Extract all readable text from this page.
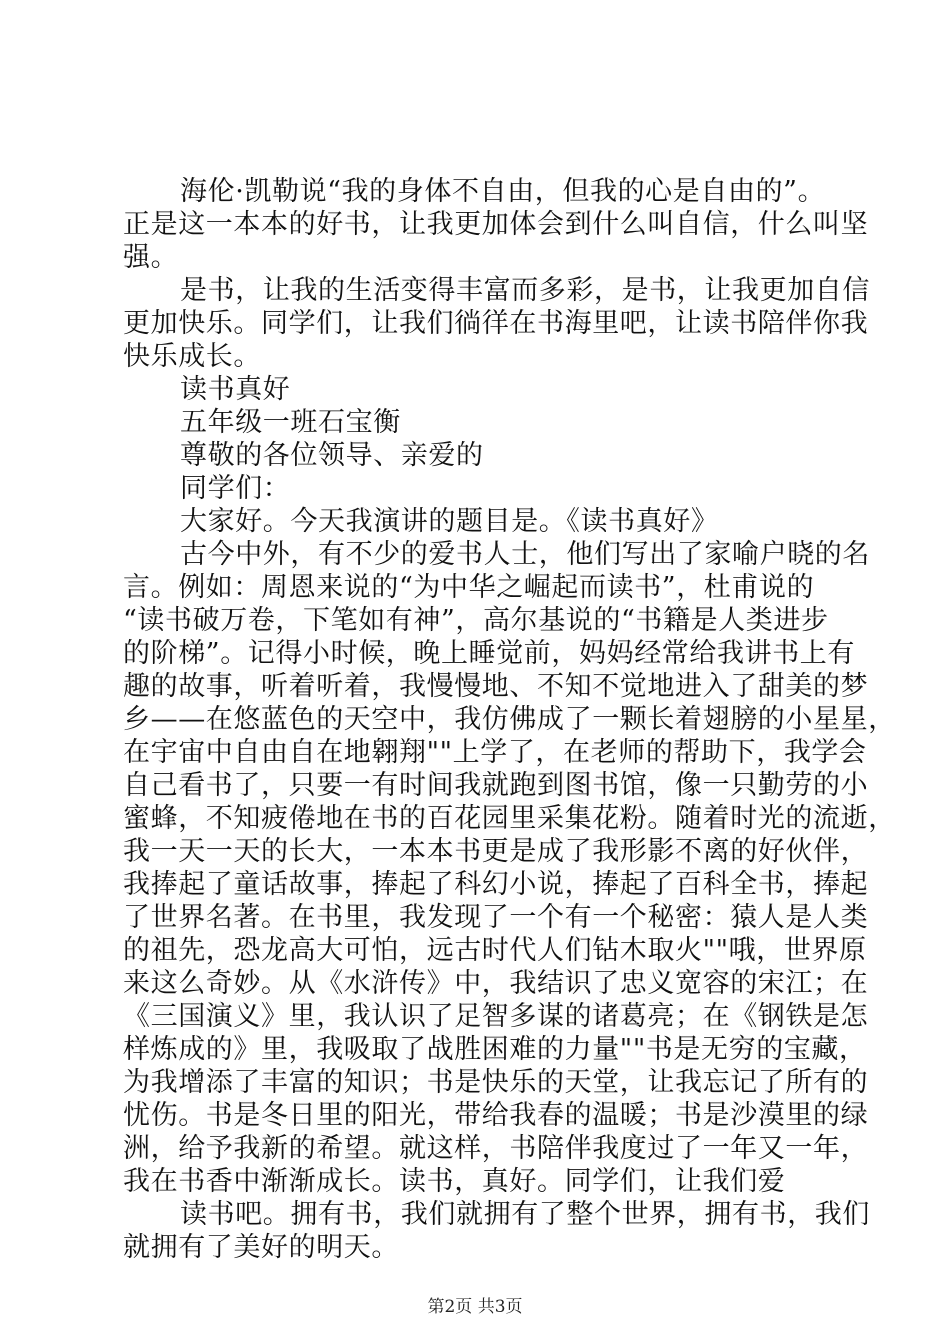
海伦·凯勒说“我的身体不自由，但我的心是自由的”。
正是这一本本的好书，让我更加体会到什么叫自信，什么叫坚
强。
是书，让我的生活变得丰富而多彩，是书，让我更加自信
更加快乐。同学们，让我们徜徉在书海里吧，让读书陪伴你我
快乐成长。
读书真好
五年级一班石宝衡
尊敬的各位领导、亲爱的
同学们：
大家好。今天我演讲的题目是。《读书真好》
古今中外，有不少的爱书人士，他们写出了家喻户晓的名
言。例如：周恩来说的“为中华之崛起而读书”，杜甫说的
“读书破万卷，下笔如有神”，高尔基说的“书籍是人类进步
的阶梯”。记得小时候，晚上睡觉前，妈妈经常给我讲书上有
趣的故事，听着听着，我慢慢地、不知不觉地进入了甜美的梦
乡——在悠蓝色的天空中，我仿佛成了一颗长着翅膀的小星星，
在宇宙中自由自在地翱翔""上学了，在老师的帮助下，我学会
自己看书了，只要一有时间我就跑到图书馆，像一只勤劳的小
蜜蜂，不知疲倦地在书的百花园里采集花粉。随着时光的流逝，
我一天一天的长大，一本本书更是成了我形影不离的好伙伴，
我捧起了童话故事，捧起了科幻小说，捧起了百科全书，捧起
了世界名著。在书里，我发现了一个有一个秘密：猿人是人类
的祖先，恐龙高大可怕，远古时代人们钻木取火""哦，世界原
来这么奇妙。从《水浒传》中，我结识了忠义宽容的宋江；在
《三国演义》里，我认识了足智多谋的诸葛亮；在《钢铁是怎
样炼成的》里，我吸取了战胜困难的力量""书是无穷的宝藏，
为我增添了丰富的知识；书是快乐的天堂，让我忘记了所有的
忧伤。书是冬日里的阳光，带给我春的温暖；书是沙漠里的绿
洲，给予我新的希望。就这样，书陪伴我度过了一年又一年，
我在书香中渐渐成长。读书，真好。同学们，让我们爱
读书吧。拥有书，我们就拥有了整个世界，拥有书，我们
就拥有了美好的明天。
第2页 共3页
